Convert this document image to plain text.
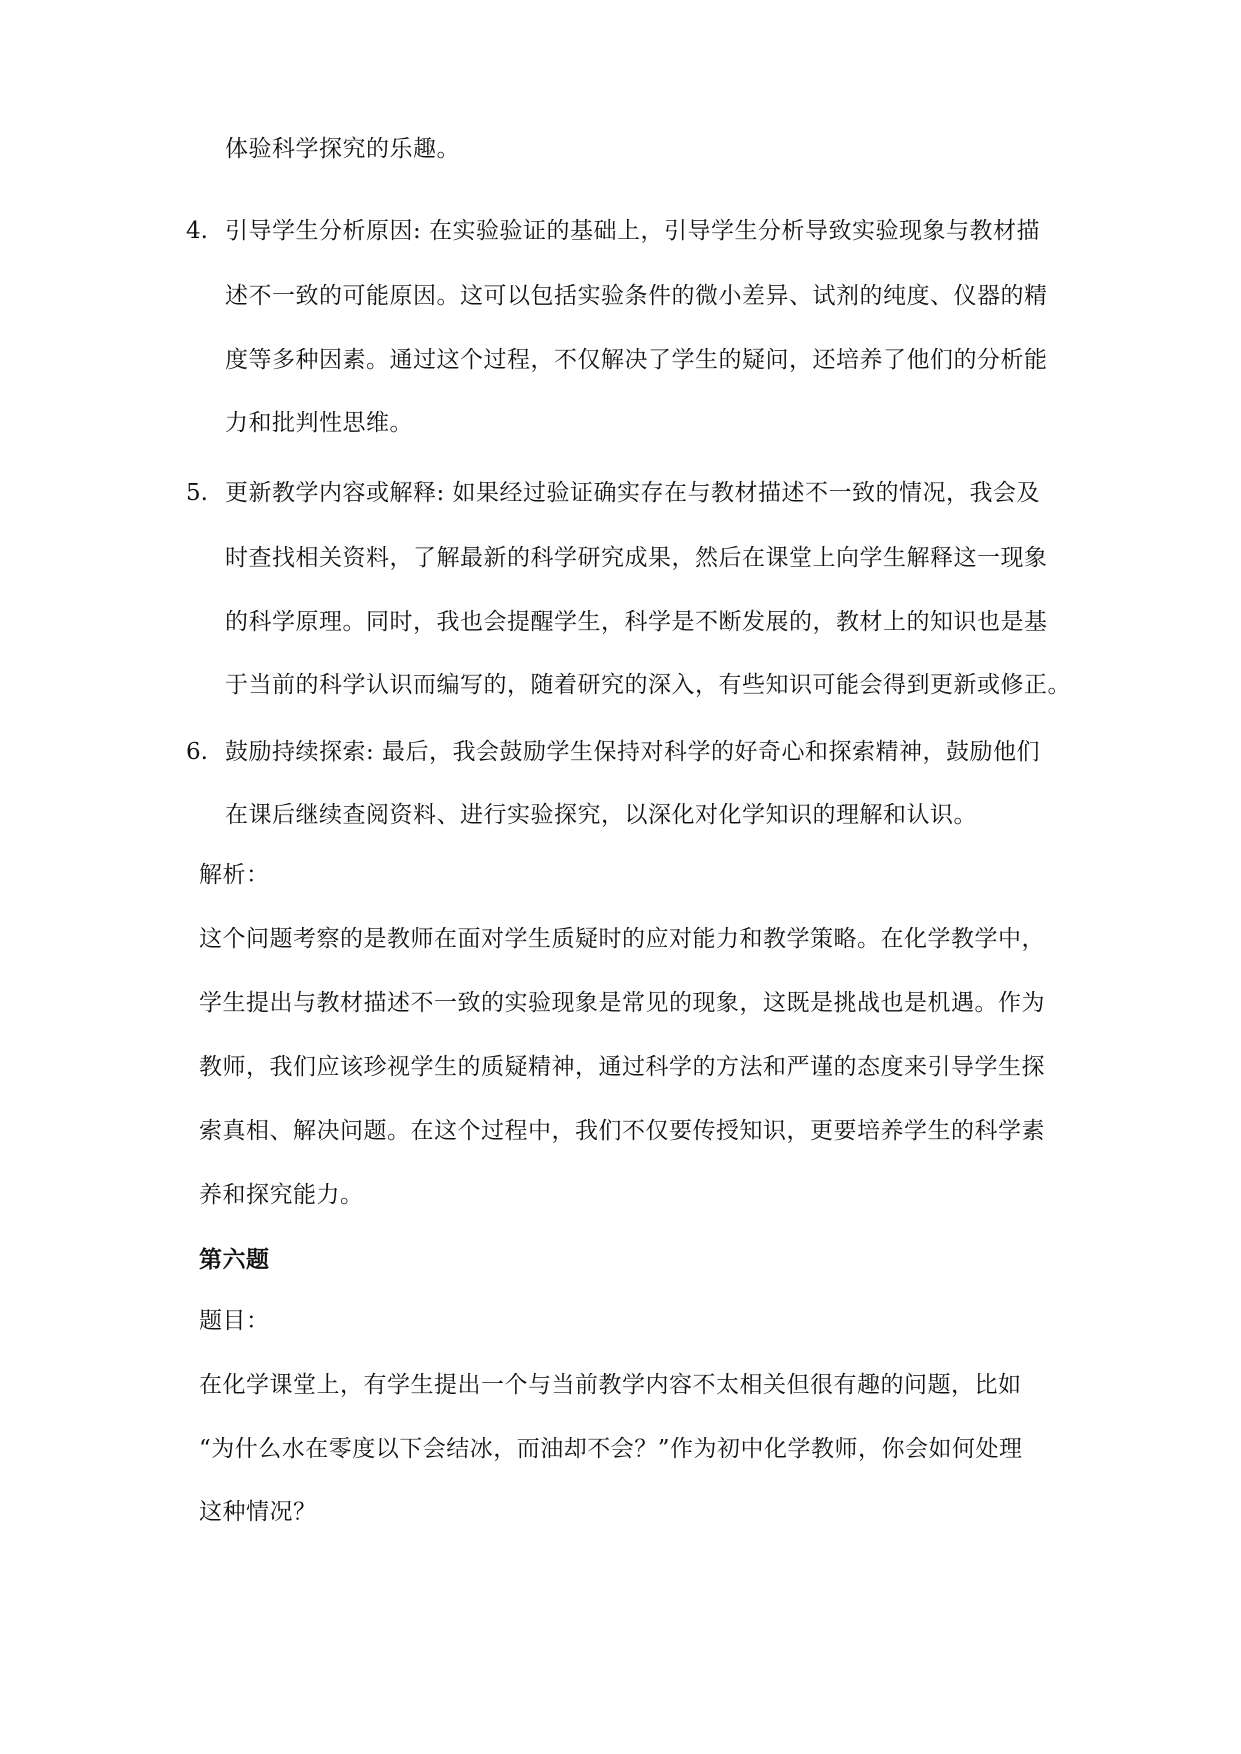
体验科学探究的乐趣。
4. 引导学生分析原因: 在实验验证的基础上，引导学生分析导致实验现象与教材描
述不一致的可能原因。这可以包括实验条件的微小差异、试剂的纯度、仪器的精
度等多种因素。通过这个过程，不仅解决了学生的疑问，还培养了他们的分析能
力和批判性思维。
5. 更新教学内容或解释: 如果经过验证确实存在与教材描述不一致的情况，我会及
时查找相关资料，了解最新的科学研究成果，然后在课堂上向学生解释这一现象
的科学原理。同时，我也会提醒学生，科学是不断发展的，教材上的知识也是基
于当前的科学认识而编写的，随着研究的深入，有些知识可能会得到更新或修正。
6. 鼓励持续探索: 最后，我会鼓励学生保持对科学的好奇心和探索精神，鼓励他们
在课后继续查阅资料、进行实验探究，以深化对化学知识的理解和认识。
解析：
这个问题考察的是教师在面对学生质疑时的应对能力和教学策略。在化学教学中，
学生提出与教材描述不一致的实验现象是常见的现象，这既是挑战也是机遇。作为
教师，我们应该珍视学生的质疑精神，通过科学的方法和严谨的态度来引导学生探
索真相、解决问题。在这个过程中，我们不仅要传授知识，更要培养学生的科学素
养和探究能力。
第六题
题目：
在化学课堂上，有学生提出一个与当前教学内容不太相关但很有趣的问题，比如
“为什么水在零度以下会结冰，而油却不会？”作为初中化学教师，你会如何处理
这种情况？
